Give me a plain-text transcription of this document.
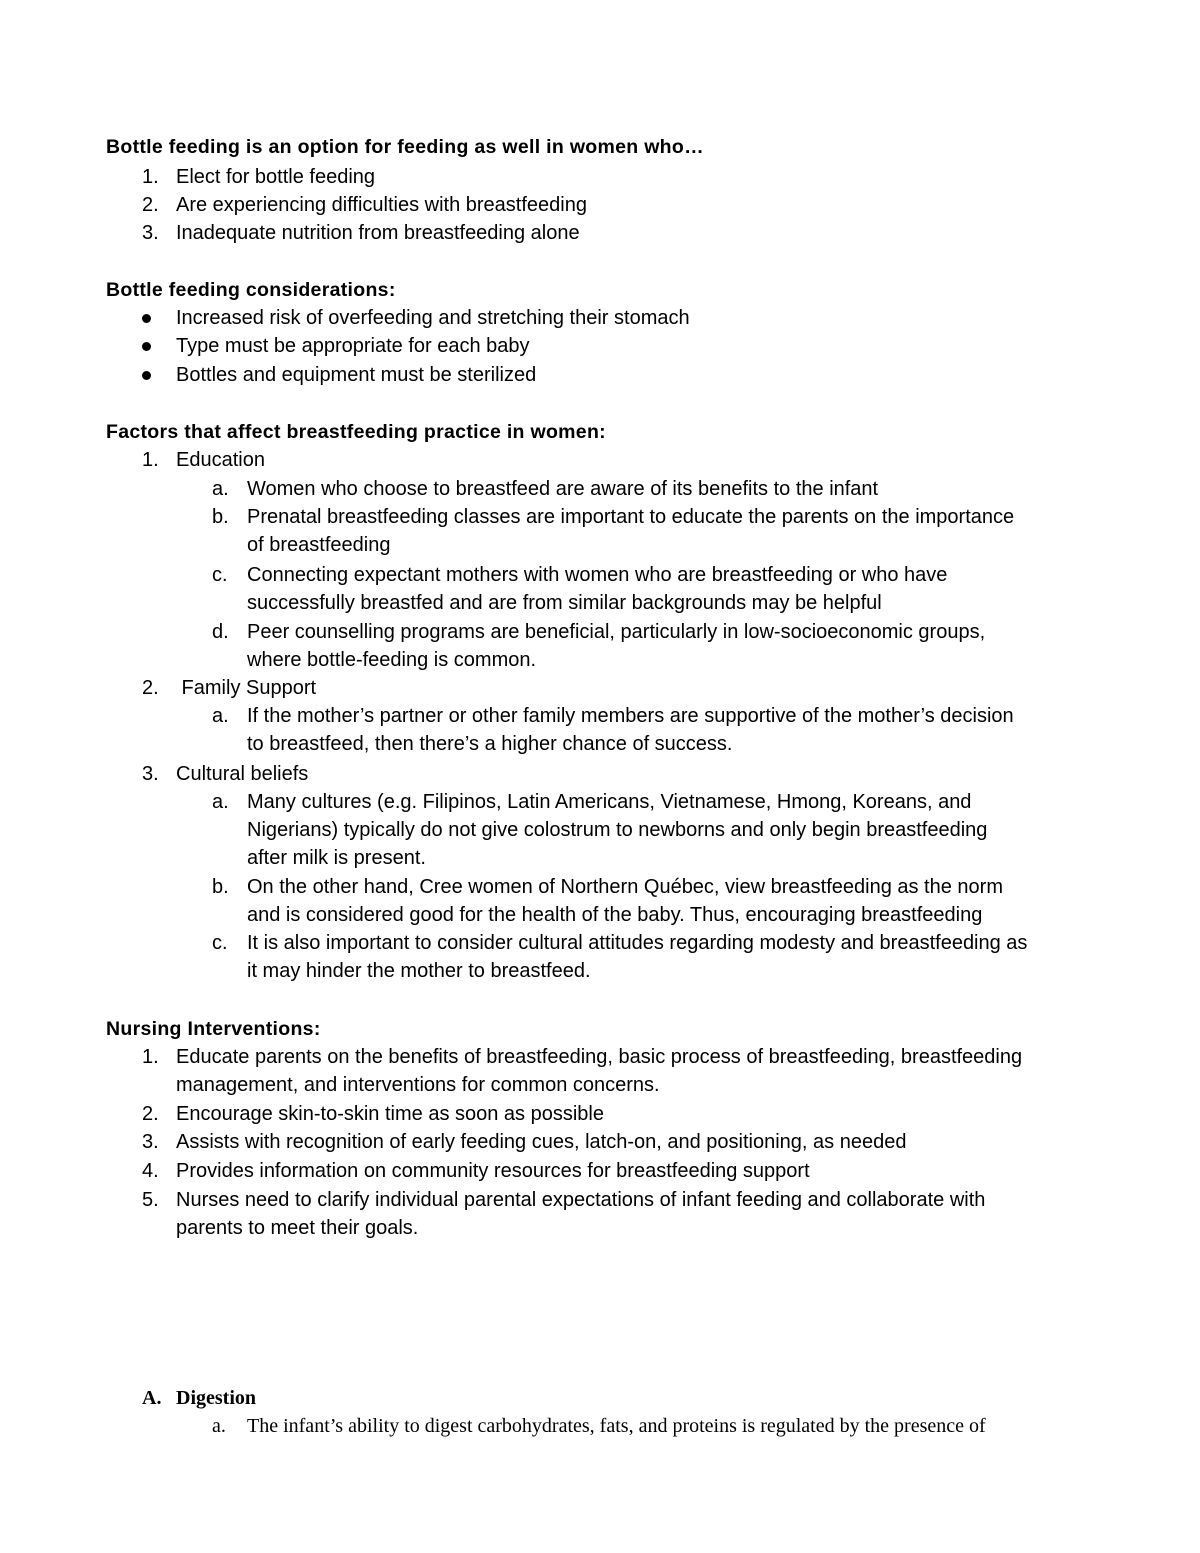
Bottle feeding is an option for feeding as well in women who…
1. Elect for bottle feeding
2. Are experiencing difficulties with breastfeeding
3. Inadequate nutrition from breastfeeding alone
Bottle feeding considerations:
Increased risk of overfeeding and stretching their stomach
Type must be appropriate for each baby
Bottles and equipment must be sterilized
Factors that affect breastfeeding practice in women:
1. Education
a. Women who choose to breastfeed are aware of its benefits to the infant
b. Prenatal breastfeeding classes are important to educate the parents on the importance
of breastfeeding
c. Connecting expectant mothers with women who are breastfeeding or who have
successfully breastfed and are from similar backgrounds may be helpful
d. Peer counselling programs are beneficial, particularly in low-socioeconomic groups,
where bottle-feeding is common.
2. Family Support
a. If the mother’s partner or other family members are supportive of the mother’s decision
to breastfeed, then there’s a higher chance of success.
3. Cultural beliefs
a. Many cultures (e.g. Filipinos, Latin Americans, Vietnamese, Hmong, Koreans, and
Nigerians) typically do not give colostrum to newborns and only begin breastfeeding
after milk is present.
b. On the other hand, Cree women of Northern Québec, view breastfeeding as the norm
and is considered good for the health of the baby. Thus, encouraging breastfeeding
c. It is also important to consider cultural attitudes regarding modesty and breastfeeding as
it may hinder the mother to breastfeed.
Nursing Interventions:
1. Educate parents on the benefits of breastfeeding, basic process of breastfeeding, breastfeeding
management, and interventions for common concerns.
2. Encourage skin-to-skin time as soon as possible
3. Assists with recognition of early feeding cues, latch-on, and positioning, as needed
4. Provides information on community resources for breastfeeding support
5. Nurses need to clarify individual parental expectations of infant feeding and collaborate with
parents to meet their goals.
A. Digestion
a. The infant’s ability to digest carbohydrates, fats, and proteins is regulated by the presence of
